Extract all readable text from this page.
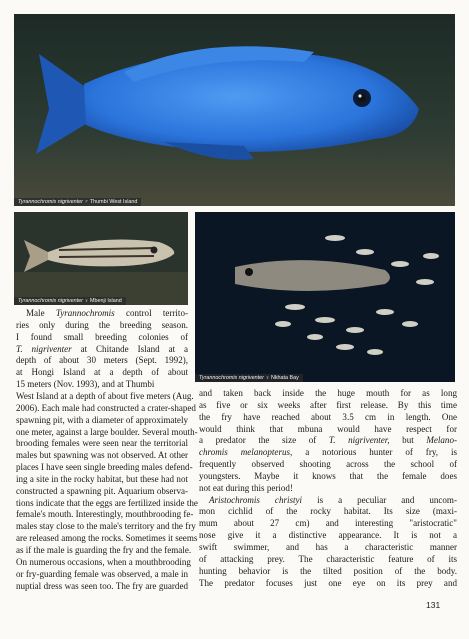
Tyrannochromis nigriventer ♂ Thumbi West Island
Tyrannochromis nigriventer ♀ Mbenji Island
Tyrannochromis nigriventer ♀ Nkhata Bay
Male Tyrannochromis control territo-
ries only during the breeding season.
I found small breeding colonies of
T. nigriventer at Chitande Island at a
depth of about 30 meters (Sept. 1992),
at Hongi Island at a depth of about
15 meters (Nov. 1993), and at Thumbi
West Island at a depth of about five meters (Aug.
2006). Each male had constructed a crater-shaped
spawning pit, with a diameter of approximately
one meter, against a large boulder. Several mouth-
brooding females were seen near the territorial
males but spawning was not observed. At other
places I have seen single breeding males defend-
ing a site in the rocky habitat, but these had not
constructed a spawning pit. Aquarium observa-
tions indicate that the eggs are fertilized inside the
female's mouth. Interestingly, mouthbrooding fe-
males stay close to the male's territory and the fry
are released among the rocks. Sometimes it seems
as if the male is guarding the fry and the female.
On numerous occasions, when a mouthbrooding
or fry-guarding female was observed, a male in
nuptial dress was seen too. The fry are guarded
and taken back inside the huge mouth for as long
as five or six weeks after first release. By this time
the fry have reached about 3.5 cm in length. One
would think that mbuna would have respect for
a predator the size of T. nigriventer, but Melano-
chromis melanopterus, a notorious hunter of fry, is
frequently observed shooting across the school of
youngsters. Maybe it knows that the female does
not eat during this period!
Aristochromis christyi is a peculiar and uncom-
mon cichlid of the rocky habitat. Its size (maxi-
mum about 27 cm) and interesting "aristocratic"
nose give it a distinctive appearance. It is not a
swift swimmer, and has a characteristic manner
of attacking prey. The characteristic feature of its
hunting behavior is the tilted position of the body.
The predator focuses just one eye on its prey and
131
